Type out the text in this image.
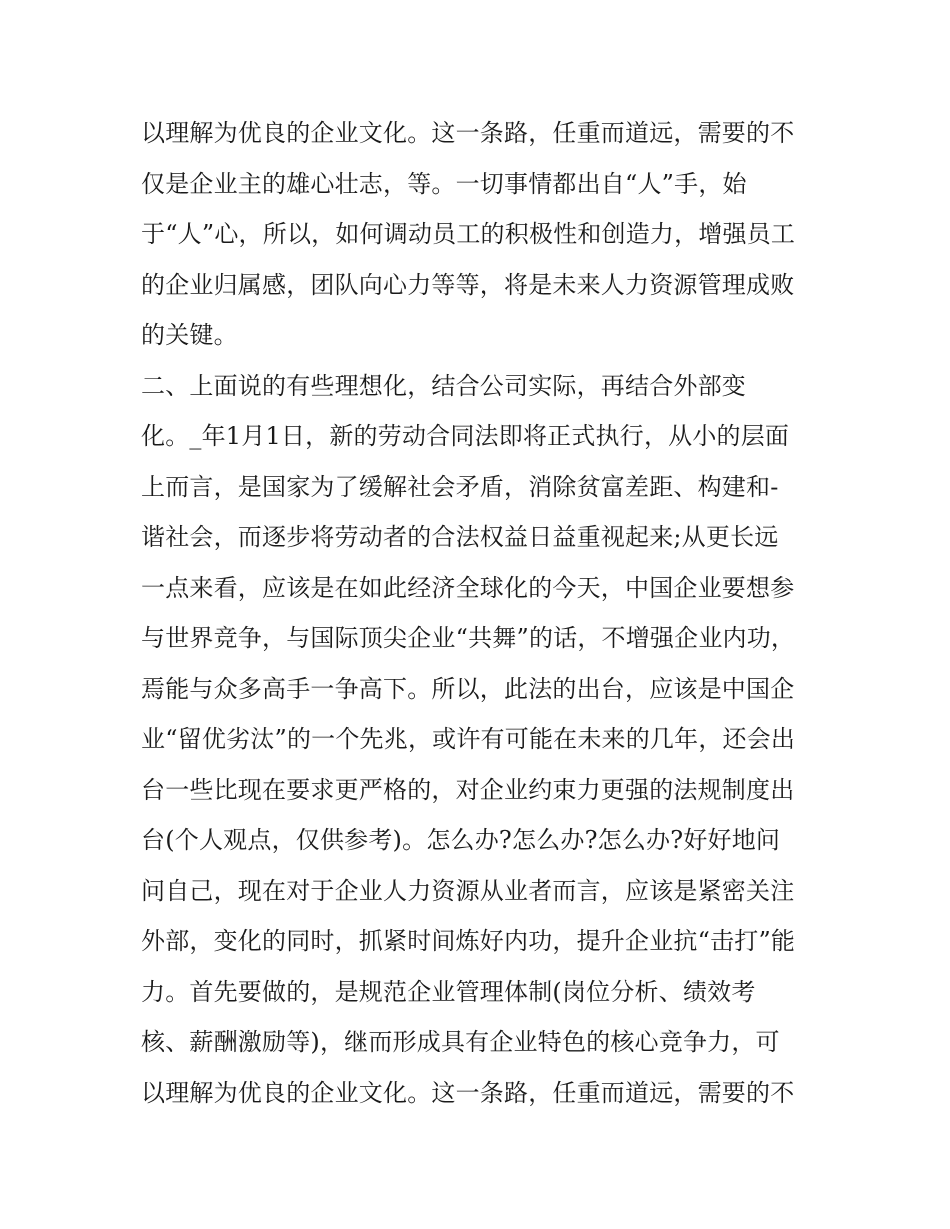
以理解为优良的企业文化。这一条路，任重而道远，需要的不
仅是企业主的雄心壮志，等。一切事情都出自“人”手，始
于“人”心，所以，如何调动员工的积极性和创造力，增强员工
的企业归属感，团队向心力等等，将是未来人力资源管理成败
的关键。
二、上面说的有些理想化，结合公司实际，再结合外部变
化。_年1月1日，新的劳动合同法即将正式执行，从小的层面
上而言，是国家为了缓解社会矛盾，消除贫富差距、构建和-
谐社会，而逐步将劳动者的合法权益日益重视起来;从更长远
一点来看，应该是在如此经济全球化的今天，中国企业要想参
与世界竞争，与国际顶尖企业“共舞”的话，不增强企业内功，
焉能与众多高手一争高下。所以，此法的出台，应该是中国企
业“留优劣汰”的一个先兆，或许有可能在未来的几年，还会出
台一些比现在要求更严格的，对企业约束力更强的法规制度出
台(个人观点，仅供参考)。怎么办?怎么办?怎么办?好好地问
问自己，现在对于企业人力资源从业者而言，应该是紧密关注
外部，变化的同时，抓紧时间炼好内功，提升企业抗“击打”能
力。首先要做的，是规范企业管理体制(岗位分析、绩效考
核、薪酬激励等)，继而形成具有企业特色的核心竞争力，可
以理解为优良的企业文化。这一条路，任重而道远，需要的不
